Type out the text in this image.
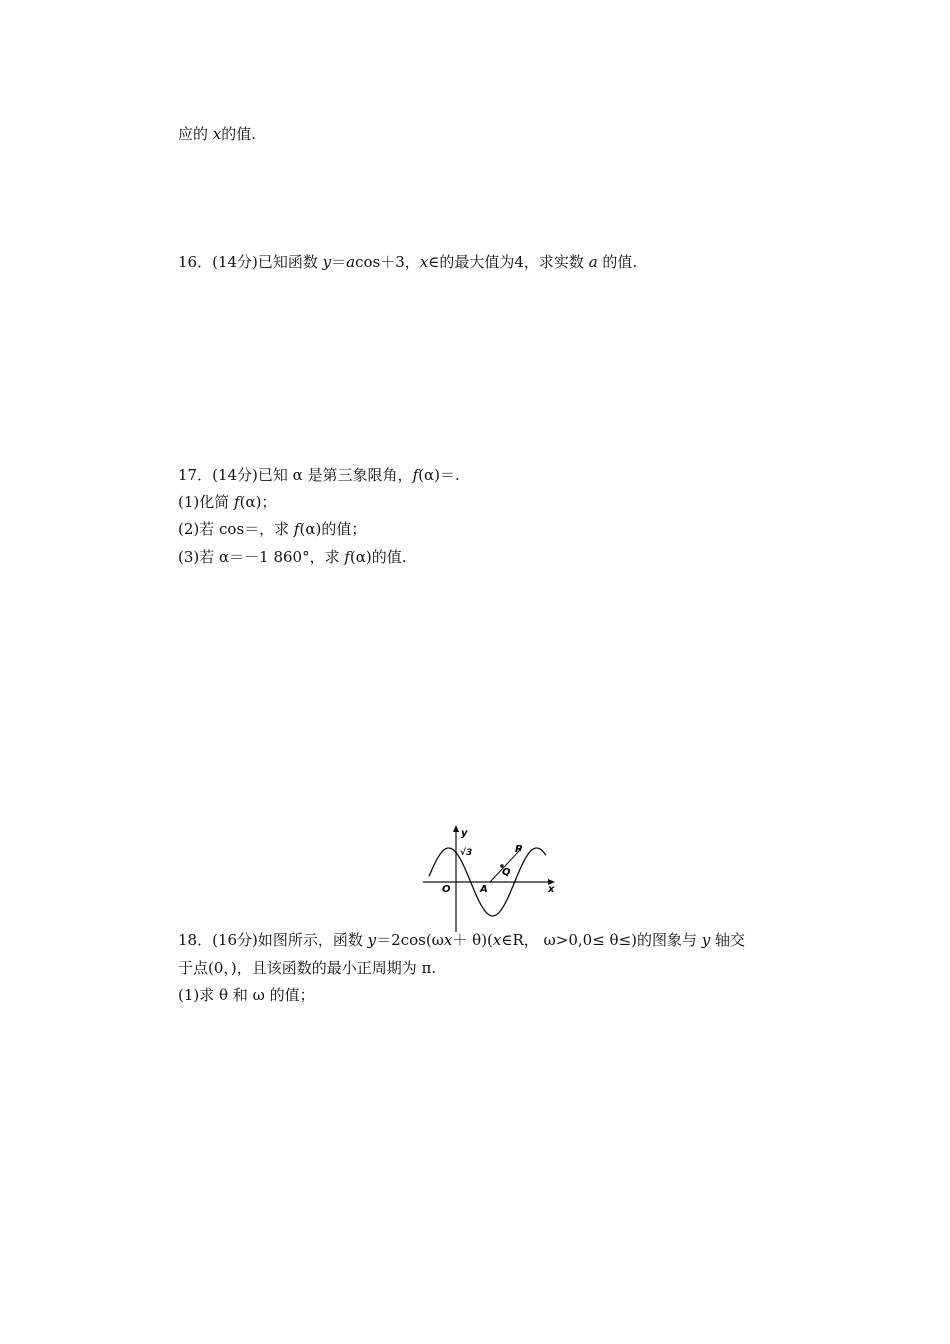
应的 x的值.
16．(14分)已知函数 y＝acos＋3，x∈的最大值为4，求实数 a 的值.
17．(14分)已知 α 是第三象限角，f(α)＝.
(1)化简 f(α)；
(2)若 cos＝，求 f(α)的值；
(3)若 α＝－1 860°，求 f(α)的值.
y
x
O	A
P
Q
√3
18．(16分)如图所示，函数 y＝2cos(ωx＋ θ)(x∈R， ω>0,0≤ θ≤)的图象与 y 轴交
于点(0，)，且该函数的最小正周期为 π.
(1)求 θ 和 ω 的值；
